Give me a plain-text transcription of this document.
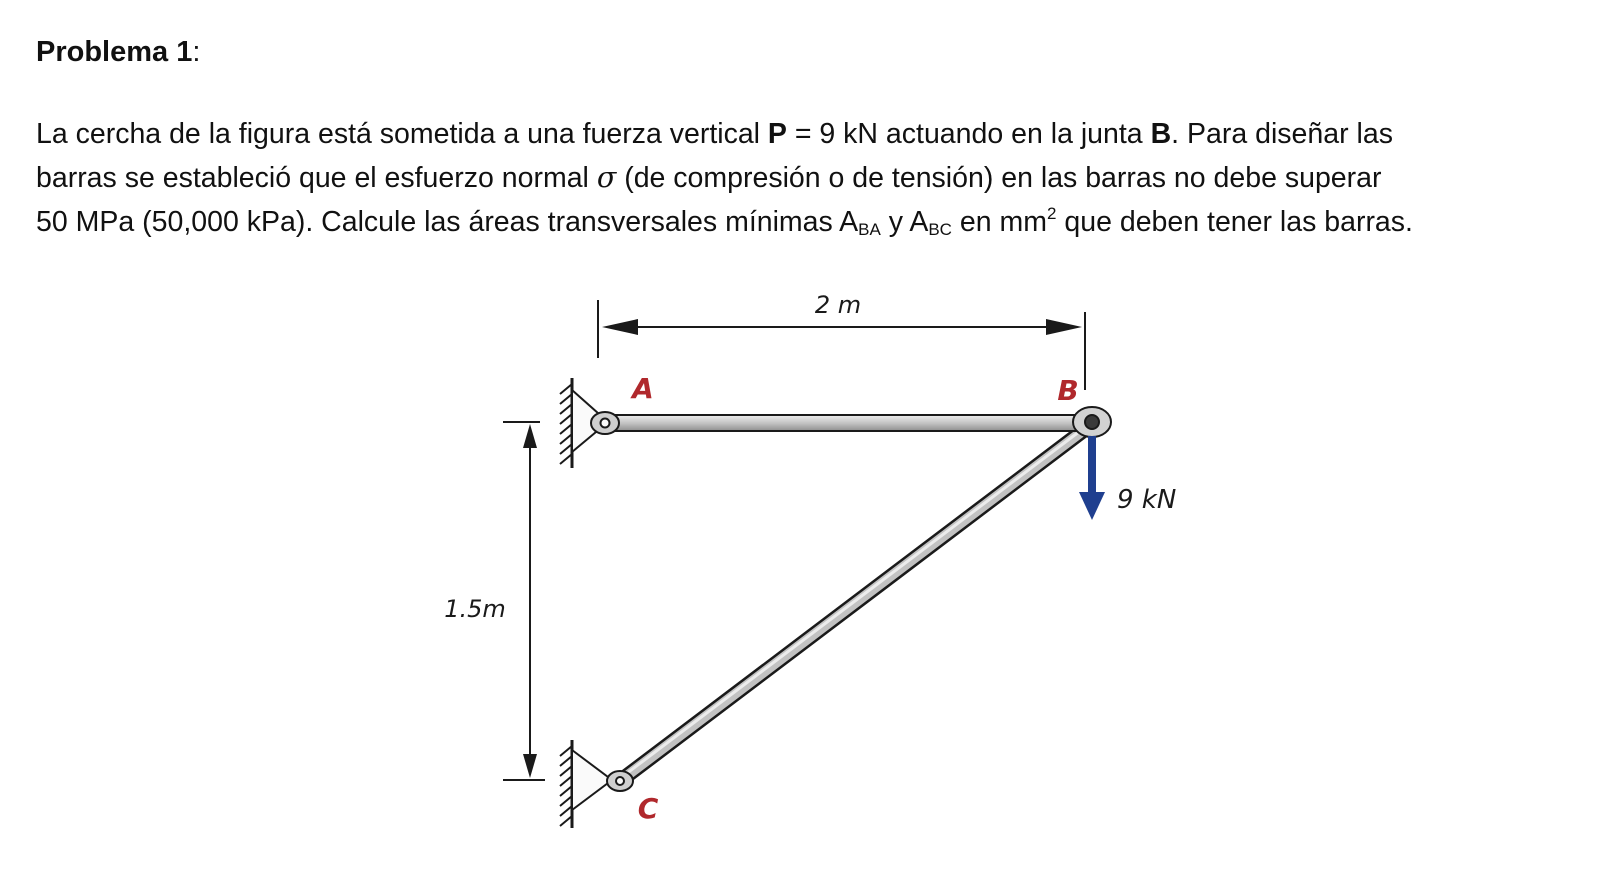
Problema 1:
La cercha de la figura está sometida a una fuerza vertical P = 9 kN actuando en la junta B. Para diseñar las
barras se estableció que el esfuerzo normal σ (de compresión o de tensión) en las barras no debe superar
50 MPa (50,000 kPa). Calcule las áreas transversales mínimas $A_{BA}$ y $A_{BC}$ en $mm^2$ que deben tener las barras.
2 m
1.5m
9 kN
A	B
C
